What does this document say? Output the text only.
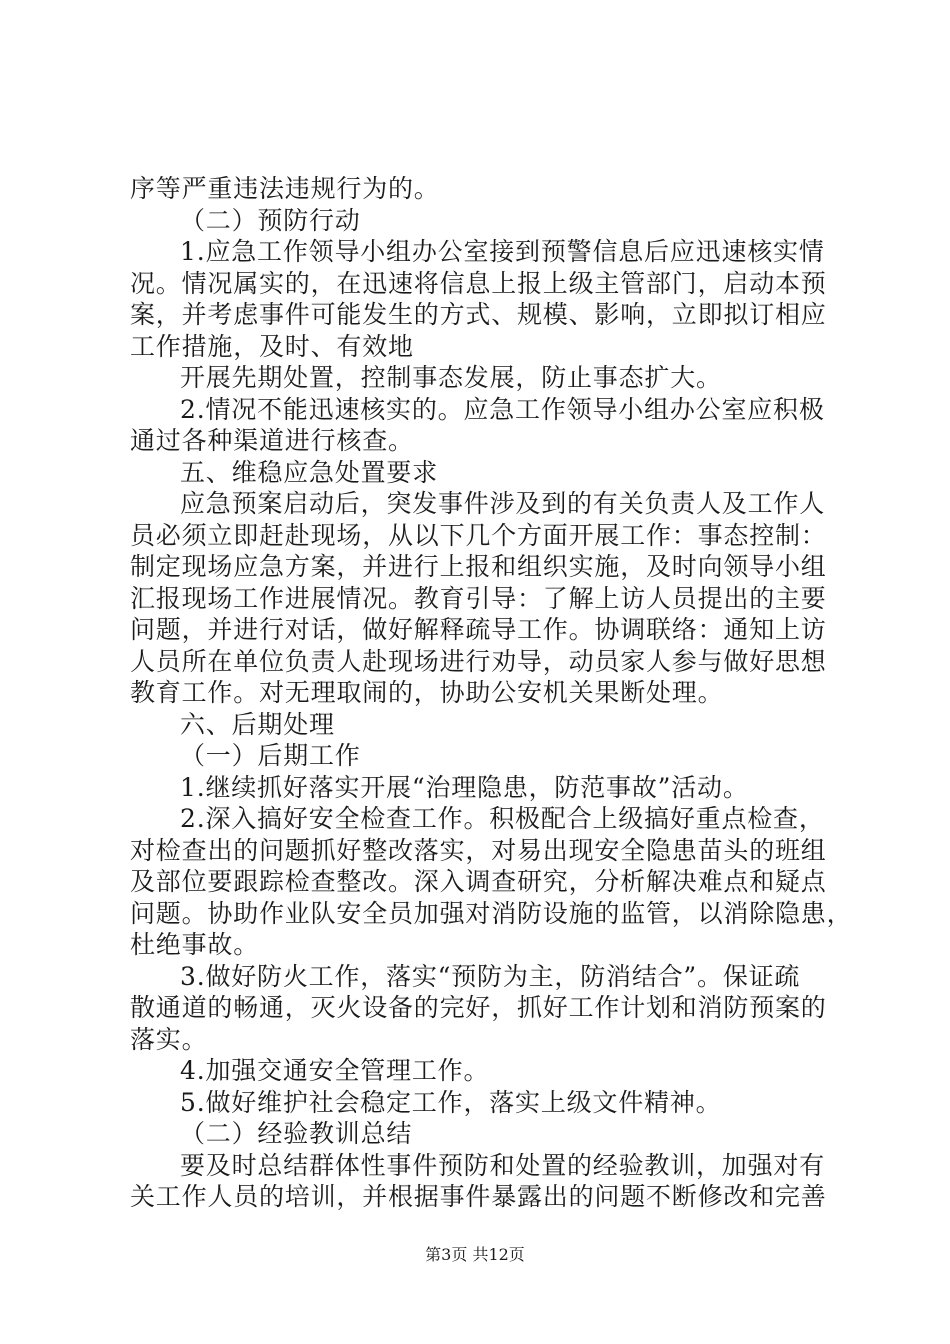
序等严重违法违规行为的。
（二）预防行动
1.应急工作领导小组办公室接到预警信息后应迅速核实情
况。情况属实的，在迅速将信息上报上级主管部门，启动本预
案，并考虑事件可能发生的方式、规模、影响，立即拟订相应
工作措施，及时、有效地
开展先期处置，控制事态发展，防止事态扩大。
2.情况不能迅速核实的。应急工作领导小组办公室应积极
通过各种渠道进行核查。
五、维稳应急处置要求
应急预案启动后，突发事件涉及到的有关负责人及工作人
员必须立即赶赴现场，从以下几个方面开展工作：事态控制：
制定现场应急方案，并进行上报和组织实施，及时向领导小组
汇报现场工作进展情况。教育引导：了解上访人员提出的主要
问题，并进行对话，做好解释疏导工作。协调联络：通知上访
人员所在单位负责人赴现场进行劝导，动员家人参与做好思想
教育工作。对无理取闹的，协助公安机关果断处理。
六、后期处理
（一）后期工作
1.继续抓好落实开展“治理隐患，防范事故”活动。
2.深入搞好安全检查工作。积极配合上级搞好重点检查，
对检查出的问题抓好整改落实，对易出现安全隐患苗头的班组
及部位要跟踪检查整改。深入调查研究，分析解决难点和疑点
问题。协助作业队安全员加强对消防设施的监管，以消除隐患，
杜绝事故。
3.做好防火工作，落实“预防为主，防消结合”。保证疏
散通道的畅通，灭火设备的完好，抓好工作计划和消防预案的
落实。
4.加强交通安全管理工作。
5.做好维护社会稳定工作，落实上级文件精神。
（二）经验教训总结
要及时总结群体性事件预防和处置的经验教训，加强对有
关工作人员的培训，并根据事件暴露出的问题不断修改和完善
第3页 共12页
